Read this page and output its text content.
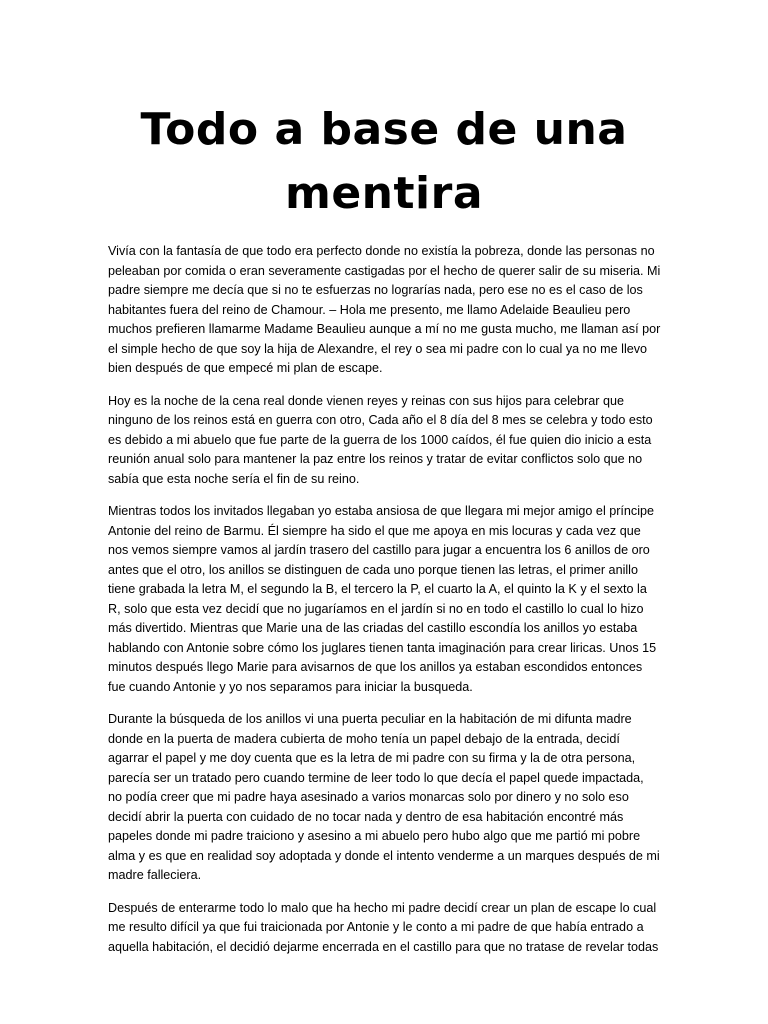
Todo a base de una
mentira

Vivía con la fantasía de que todo era perfecto donde no existía la pobreza, donde las personas no peleaban por comida o eran severamente castigadas por el hecho de querer salir de su miseria. Mi padre siempre me decía que si no te esfuerzas no lograrías nada, pero ese no es el caso de los habitantes fuera del reino de Chamour. – Hola me presento, me llamo Adelaide Beaulieu pero muchos prefieren llamarme Madame Beaulieu aunque a mí no me gusta mucho, me llaman así por el simple hecho de que soy la hija de Alexandre, el rey o sea mi padre con lo cual ya no me llevo bien después de que empecé mi plan de escape.

Hoy es la noche de la cena real donde vienen reyes y reinas con sus hijos para celebrar que ninguno de los reinos está en guerra con otro, Cada año el 8 día del 8 mes se celebra y todo esto es debido a mi abuelo que fue parte de la guerra de los 1000 caídos, él fue quien dio inicio a esta reunión anual solo para mantener la paz entre los reinos y tratar de evitar conflictos solo que no sabía que esta noche sería el fin de su reino.

Mientras todos los invitados llegaban yo estaba ansiosa de que llegara mi mejor amigo el príncipe Antonie del reino de Barmu. Él siempre ha sido el que me apoya en mis locuras y cada vez que nos vemos siempre vamos al jardín trasero del castillo para jugar a encuentra los 6 anillos de oro antes que el otro, los anillos se distinguen de cada uno porque tienen las letras, el primer anillo tiene grabada la letra M, el segundo la B, el tercero la P, el cuarto la A, el quinto la K y el sexto la R, solo que esta vez decidí que no jugaríamos en el jardín si no en todo el castillo lo cual lo hizo más divertido. Mientras que Marie una de las criadas del castillo escondía los anillos yo estaba hablando con Antonie sobre cómo los juglares tienen tanta imaginación para crear liricas. Unos 15 minutos después llego Marie para avisarnos de que los anillos ya estaban escondidos entonces fue cuando Antonie y yo nos separamos para iniciar la busqueda.

Durante la búsqueda de los anillos vi una puerta peculiar en la habitación de mi difunta madre donde en la puerta de madera cubierta de moho tenía un papel debajo de la entrada, decidí agarrar el papel y me doy cuenta que es la letra de mi padre con su firma y la de otra persona, parecía ser un tratado pero cuando termine de leer todo lo que decía el papel quede impactada, no podía creer que mi padre haya asesinado a varios monarcas solo por dinero y no solo eso decidí abrir la puerta con cuidado de no tocar nada y dentro de esa habitación encontré más papeles donde mi padre traiciono y asesino a mi abuelo pero hubo algo que me partió mi pobre alma y es que en realidad soy adoptada y donde el intento venderme a un marques después de mi madre falleciera.

Después de enterarme todo lo malo que ha hecho mi padre decidí crear un plan de escape lo cual me resulto difícil ya que fui traicionada por Antonie y le conto a mi padre de que había entrado a aquella habitación, el decidió dejarme encerrada en el castillo para que no tratase de revelar todas
